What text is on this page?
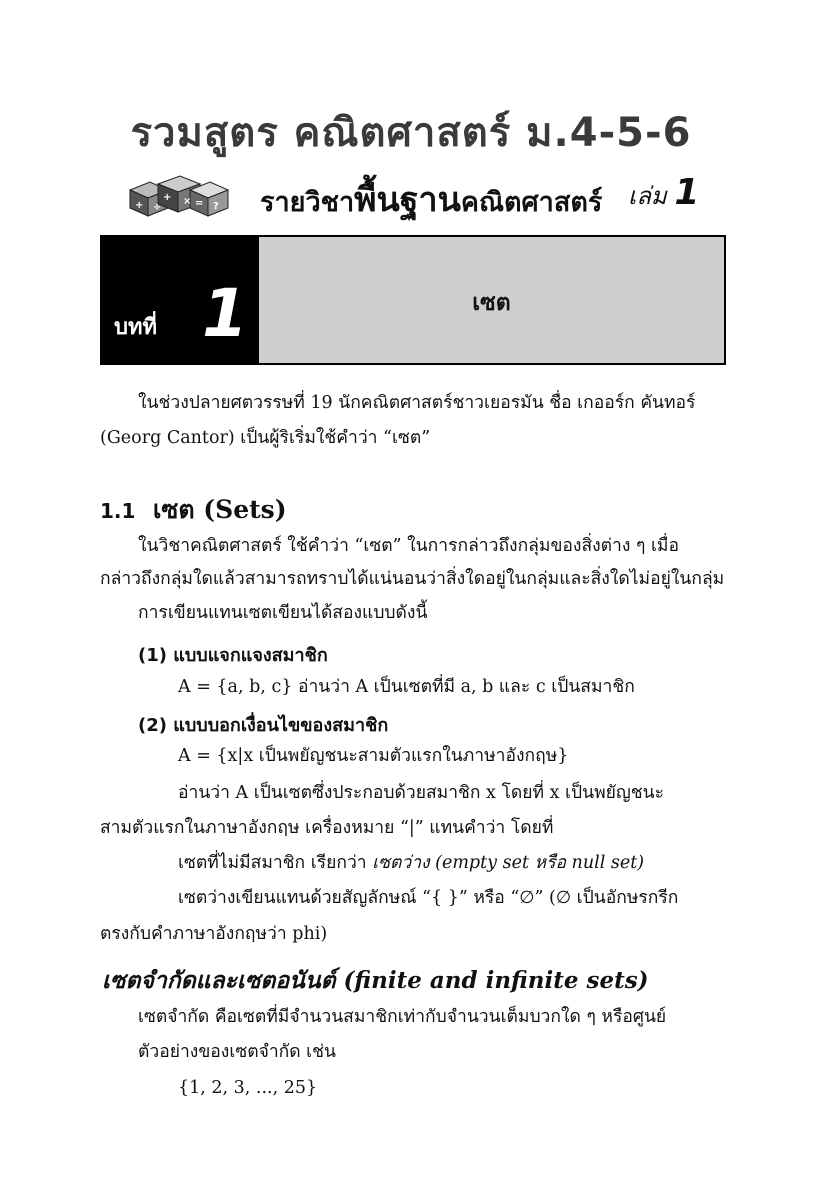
รวมสูตร คณิตศาสตร์ ม.4-5-6
+ ÷
+ × = ? รายวิชาพื้นฐานคณิตศาสตร์ เล่ม 1
บทที่ 1	เซต
ในช่วงปลายศตวรรษที่ 19 นักคณิตศาสตร์ชาวเยอรมัน ชื่อ เกออร์ก คันทอร์
(Georg Cantor) เป็นผู้ริเริ่มใช้คำว่า “เซต”
1.1 เซต (Sets)
ในวิชาคณิตศาสตร์ ใช้คำว่า “เซต” ในการกล่าวถึงกลุ่มของสิ่งต่าง ๆ เมื่อ
กล่าวถึงกลุ่มใดแล้วสามารถทราบได้แน่นอนว่าสิ่งใดอยู่ในกลุ่มและสิ่งใดไม่อยู่ในกลุ่ม
การเขียนแทนเซตเขียนได้สองแบบดังนี้
(1) แบบแจกแจงสมาชิก
A = {a, b, c} อ่านว่า A เป็นเซตที่มี a, b และ c เป็นสมาชิก
(2) แบบบอกเงื่อนไขของสมาชิก
A = {x|x เป็นพยัญชนะสามตัวแรกในภาษาอังกฤษ}
อ่านว่า A เป็นเซตซึ่งประกอบด้วยสมาชิก x โดยที่ x เป็นพยัญชนะ
สามตัวแรกในภาษาอังกฤษ เครื่องหมาย “|” แทนคำว่า โดยที่
เซตที่ไม่มีสมาชิก เรียกว่า เซตว่าง (empty set หรือ null set)
เซตว่างเขียนแทนด้วยสัญลักษณ์ “{ }” หรือ “∅” (∅ เป็นอักษรกรีก
ตรงกับคำภาษาอังกฤษว่า phi)
เซตจำกัดและเซตอนันต์ (finite and infinite sets)
เซตจำกัด คือเซตที่มีจำนวนสมาชิกเท่ากับจำนวนเต็มบวกใด ๆ หรือศูนย์
ตัวอย่างของเซตจำกัด เช่น
{1, 2, 3, ..., 25}
